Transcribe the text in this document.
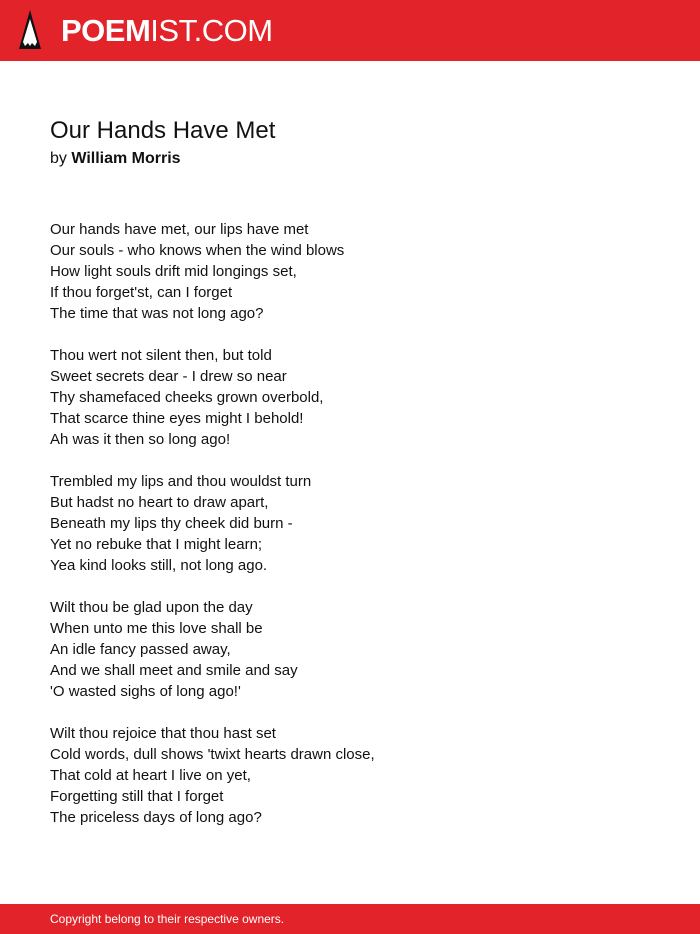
POEMIST.COM
Our Hands Have Met
by William Morris
Our hands have met, our lips have met
Our souls - who knows when the wind blows
How light souls drift mid longings set,
If thou forget'st, can I forget
The time that was not long ago?
Thou wert not silent then, but told
Sweet secrets dear - I drew so near
Thy shamefaced cheeks grown overbold,
That scarce thine eyes might I behold!
Ah was it then so long ago!
Trembled my lips and thou wouldst turn
But hadst no heart to draw apart,
Beneath my lips thy cheek did burn -
Yet no rebuke that I might learn;
Yea kind looks still, not long ago.
Wilt thou be glad upon the day
When unto me this love shall be
An idle fancy passed away,
And we shall meet and smile and say
'O wasted sighs of long ago!'
Wilt thou rejoice that thou hast set
Cold words, dull shows 'twixt hearts drawn close,
That cold at heart I live on yet,
Forgetting still that I forget
The priceless days of long ago?
Copyright belong to their respective owners.
